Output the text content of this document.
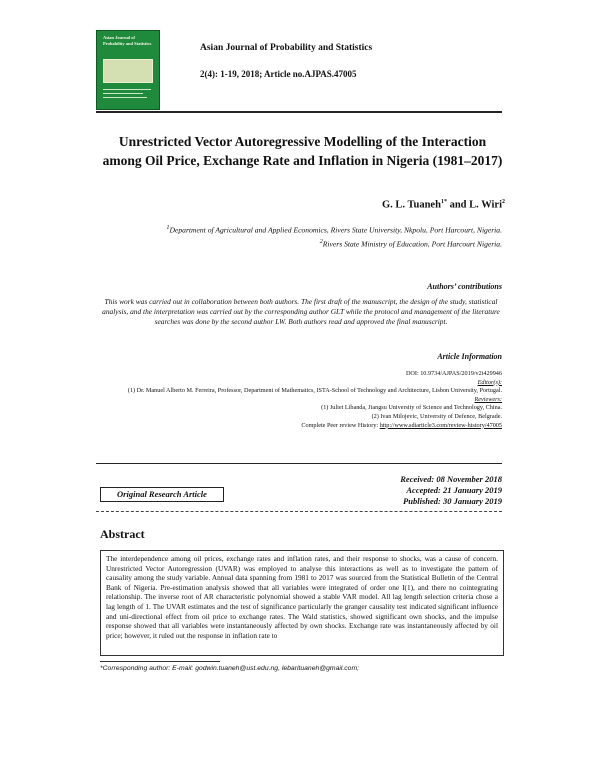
Asian Journal of Probability and Statistics	Asian Journal of Probability and Statistics
2(4): 1-19, 2018; Article no.AJPAS.47005
Unrestricted Vector Autoregressive Modelling of the Interaction among Oil Price, Exchange Rate and Inflation in Nigeria (1981–2017)
G. L. Tuaneh$^{1*}$ and L. Wiri$^2$
$^1$Department of Agricultural and Applied Economics, Rivers State University, Nkpolu, Port Harcourt, Nigeria.
$^2$Rivers State Ministry of Education, Port Harcourt Nigeria.
Authors’ contributions
This work was carried out in collaboration between both authors. The first draft of the manuscript, the design of the study, statistical analysis, and the interpretation was carried out by the corresponding author GLT while the protocol and management of the literature searches was done by the second author LW. Both authors read and approved the final manuscript.
Article Information
DOI: 10.9734/AJPAS/2019/v2i429946
Editor(s):
(1) Dr. Manuel Alberto M. Ferreira, Professor, Department of Mathematics, ISTA-School of Technology and Architecture, Lisbon University, Portugal.
Reviewers:
(1) Juliet Libanda, Jiangsu University of Science and Technology, China.
(2) Ivan Milojevic, University of Defence, Belgrade.
Complete Peer review History: http://www.sdiarticle3.com/review-history/47005
Received: 08 November 2018
Accepted: 21 January 2019
Published: 30 January 2019
Original Research Article
Abstract
The interdependence among oil prices, exchange rates and inflation rates, and their response to shocks, was a cause of concern. Unrestricted Vector Autoregression (UVAR) was employed to analyse this interactions as well as to investigate the pattern of causality among the study variable. Annual data spanning from 1981 to 2017 was sourced from the Statistical Bulletin of the Central Bank of Nigeria. Pre-estimation analysis showed that all variables were integrated of order one I(1), and there no cointegrating relationship. The inverse root of AR characteristic polynomial showed a stable VAR model. All lag length selection criteria chose a lag length of 1. The UVAR estimates and the test of significance particularly the granger causality test indicated significant influence and uni-directional effect from oil price to exchange rates. The Wald statistics, showed significant own shocks, and the impulse response showed that all variables were instantaneously affected by own shocks. Exchange rate was instantaneously affected by oil price; however, it ruled out the response in inflation rate to
*Corresponding author: E-mail: godwin.tuaneh@ust.edu.ng, lebarituaneh@gmail.com;
